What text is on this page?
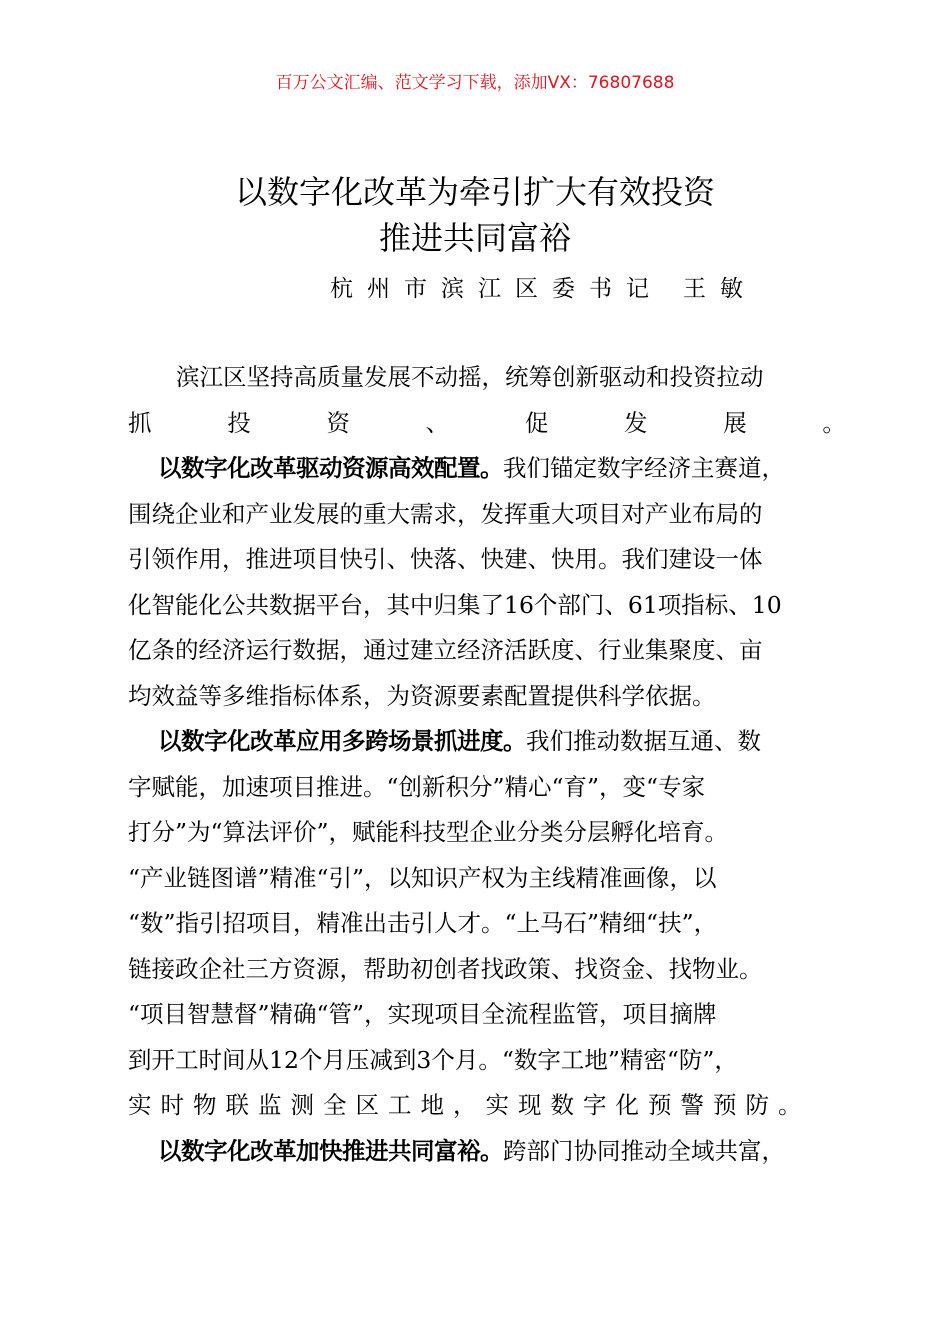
百万公文汇编、范文学习下载，添加VX：76807688
以数字化改革为牵引扩大有效投资
推进共同富裕
杭州市滨江区委书记 王敏
滨江区坚持高质量发展不动摇，统筹创新驱动和投资拉动
抓	投	资	、	促	发	展	。
以数字化改革驱动资源高效配置。我们锚定数字经济主赛道，
围绕企业和产业发展的重大需求，发挥重大项目对产业布局的
引领作用，推进项目快引、快落、快建、快用。我们建设一体
化智能化公共数据平台，其中归集了16个部门、61项指标、10
亿条的经济运行数据，通过建立经济活跃度、行业集聚度、亩
均效益等多维指标体系，为资源要素配置提供科学依据。
以数字化改革应用多跨场景抓进度。我们推动数据互通、数
字赋能，加速项目推进。“创新积分”精心“育”，变“专家
打分”为“算法评价”，赋能科技型企业分类分层孵化培育。
“产业链图谱”精准“引”，以知识产权为主线精准画像，以
“数”指引招项目，精准出击引人才。“上马石”精细“扶”，
链接政企社三方资源，帮助初创者找政策、找资金、找物业。
“项目智慧督”精确“管”，实现项目全流程监管，项目摘牌
到开工时间从12个月压减到3个月。“数字工地”精密“防”，
实时物联监测全区工地，实现数字化预警预防。
以数字化改革加快推进共同富裕。跨部门协同推动全域共富，
